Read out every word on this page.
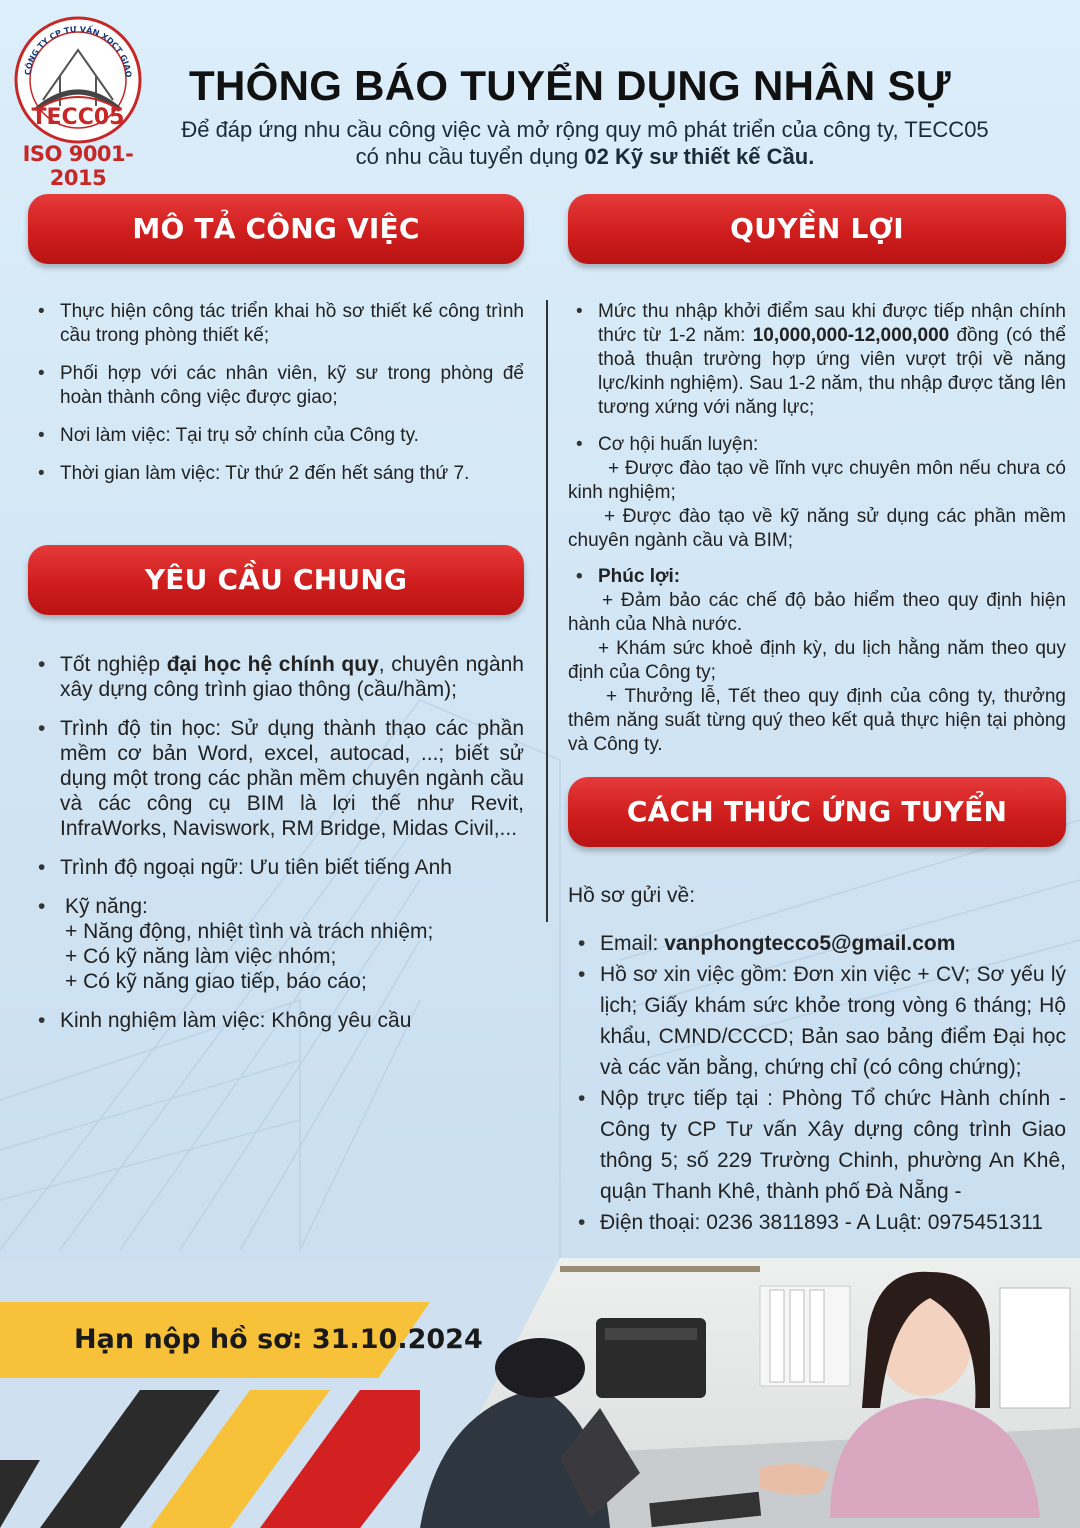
CÔNG TY CP TƯ VẤN XDCT GIAO
TECC05
ISO 9001-2015
THÔNG BÁO TUYỂN DỤNG NHÂN SỰ
Để đáp ứng nhu cầu công việc và mở rộng quy mô phát triển của công ty, TECC05
có nhu cầu tuyển dụng 02 Kỹ sư thiết kế Cầu.
MÔ TẢ CÔNG VIỆC	QUYỀN LỢI
YÊU CẦU CHUNG
CÁCH THỨC ỨNG TUYỂN
• Thực hiện công tác triển khai hồ sơ thiết kế công trình cầu trong phòng thiết kế;
• Phối hợp với các nhân viên, kỹ sư trong phòng để hoàn thành công việc được giao;
• Nơi làm việc: Tại trụ sở chính của Công ty.
• Thời gian làm việc: Từ thứ 2 đến hết sáng thứ 7.
• Tốt nghiệp đại học hệ chính quy, chuyên ngành xây dựng công trình giao thông (cầu/hầm);
• Trình độ tin học: Sử dụng thành thạo các phần mềm cơ bản Word, excel, autocad, ...; biết sử dụng một trong các phần mềm chuyên ngành cầu và các công cụ BIM là lợi thế như Revit, InfraWorks, Naviswork, RM Bridge, Midas Civil,...
• Trình độ ngoại ngữ: Ưu tiên biết tiếng Anh
• Kỹ năng:
+ Năng động, nhiệt tình và trách nhiệm;
+ Có kỹ năng làm việc nhóm;
+ Có kỹ năng giao tiếp, báo cáo;
• Kinh nghiệm làm việc: Không yêu cầu
• Mức thu nhập khởi điểm sau khi được tiếp nhận chính thức từ 1-2 năm: 10,000,000-12,000,000 đồng (có thể thoả thuận trường hợp ứng viên vượt trội về năng lực/kinh nghiệm). Sau 1-2 năm, thu nhập được tăng lên tương xứng với năng lực;
• Cơ hội huấn luyện:
+ Được đào tạo về lĩnh vực chuyên môn nếu chưa có kinh nghiệm;
+ Được đào tạo về kỹ năng sử dụng các phần mềm chuyên ngành cầu và BIM;
• Phúc lợi:
+ Đảm bảo các chế độ bảo hiểm theo quy định hiện hành của Nhà nước.
+ Khám sức khoẻ định kỳ, du lịch hằng năm theo quy định của Công ty;
+ Thưởng lễ, Tết theo quy định của công ty, thưởng thêm năng suất từng quý theo kết quả thực hiện tại phòng và Công ty.
Hồ sơ gửi về:
• Email: vanphongtecco5@gmail.com
• Hồ sơ xin việc gồm: Đơn xin việc + CV; Sơ yếu lý lịch; Giấy khám sức khỏe trong vòng 6 tháng; Hộ khẩu, CMND/CCCD; Bản sao bảng điểm Đại học và các văn bằng, chứng chỉ (có công chứng);
• Nộp trực tiếp tại : Phòng Tổ chức Hành chính - Công ty CP Tư vấn Xây dựng công trình Giao thông 5; số 229 Trường Chinh, phường An Khê, quận Thanh Khê, thành phố Đà Nẵng -
• Điện thoại: 0236 3811893 - A Luật: 0975451311
Hạn nộp hồ sơ: 31.10.2024
